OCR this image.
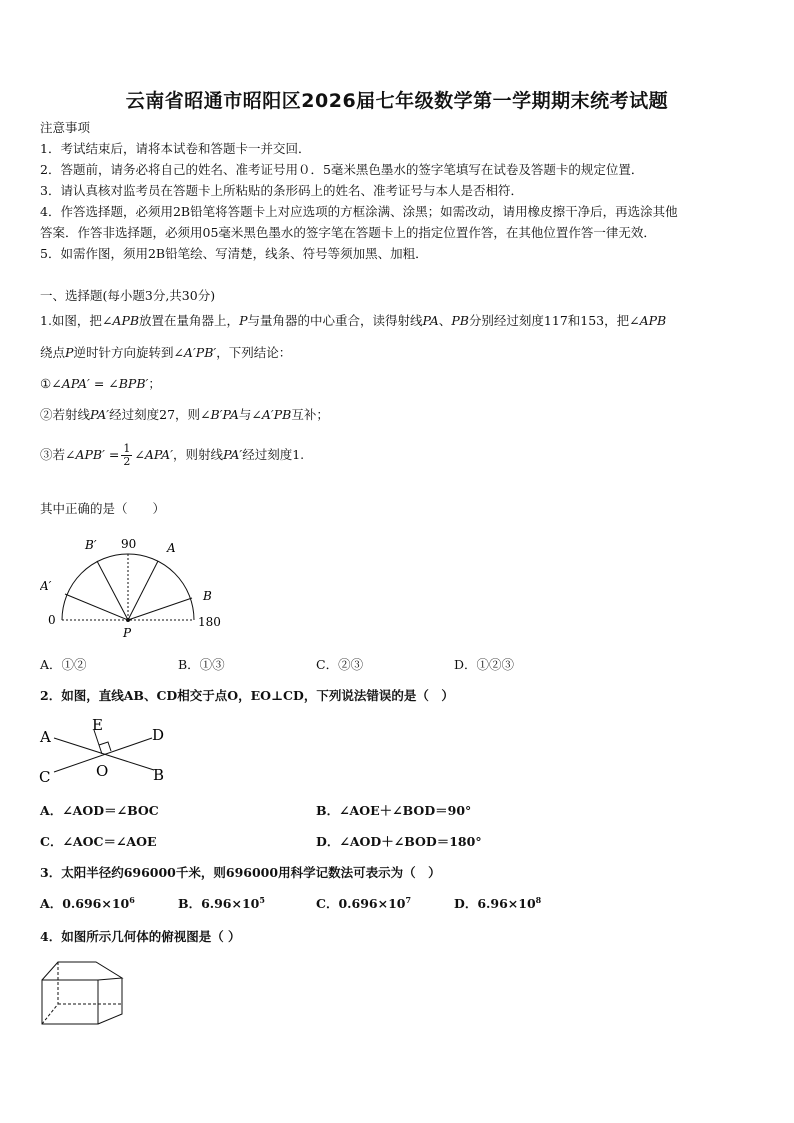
云南省昭通市昭阳区2026届七年级数学第一学期期末统考试题
注意事项
1．考试结束后，请将本试卷和答题卡一并交回．
2．答题前，请务必将自己的姓名、准考证号用０．5毫米黑色墨水的签字笔填写在试卷及答题卡的规定位置．
3．请认真核对监考员在答题卡上所粘贴的条形码上的姓名、准考证号与本人是否相符．
4．作答选择题，必须用2B铅笔将答题卡上对应选项的方框涂满、涂黑；如需改动，请用橡皮擦干净后，再选涂其他
答案．作答非选择题，必须用05毫米黑色墨水的签字笔在答题卡上的指定位置作答，在其他位置作答一律无效．
5．如需作图，须用2B铅笔绘、写清楚，线条、符号等须加黑、加粗．
一、选择题(每小题3分,共30分)
1.如图，把∠APB放置在量角器上，P与量角器的中心重合，读得射线PA、PB分别经过刻度117和153，把∠APB
绕点P逆时针方向旋转到∠A′PB′，下列结论：
①∠APA′ = ∠BPB′；
②若射线PA′经过刻度27，则∠B′PA与∠A′PB互补；
③若∠APB′ = $\frac{1}{2}$ ∠APA′，则射线PA′经过刻度1.
其中正确的是（　　）
90
0	180
A
B
A′
B′
P
A．①②	B．①③	C．②③	D．①②③
2．如图，直线AB、CD相交于点O，EO⊥CD，下列说法错误的是（　）
A
E
D
C	O	B
A．∠AOD＝∠BOC	B．∠AOE＋∠BOD＝90°
C．∠AOC＝∠AOE	D．∠AOD＋∠BOD＝180°
3．太阳半径约696000千米，则696000用科学记数法可表示为（　）
A．$0.696\times 10^6$	B．$6.96\times 10^5$	C．$0.696\times 10^7$	D．$6.96\times 10^8$
4．如图所示几何体的俯视图是（ ）
